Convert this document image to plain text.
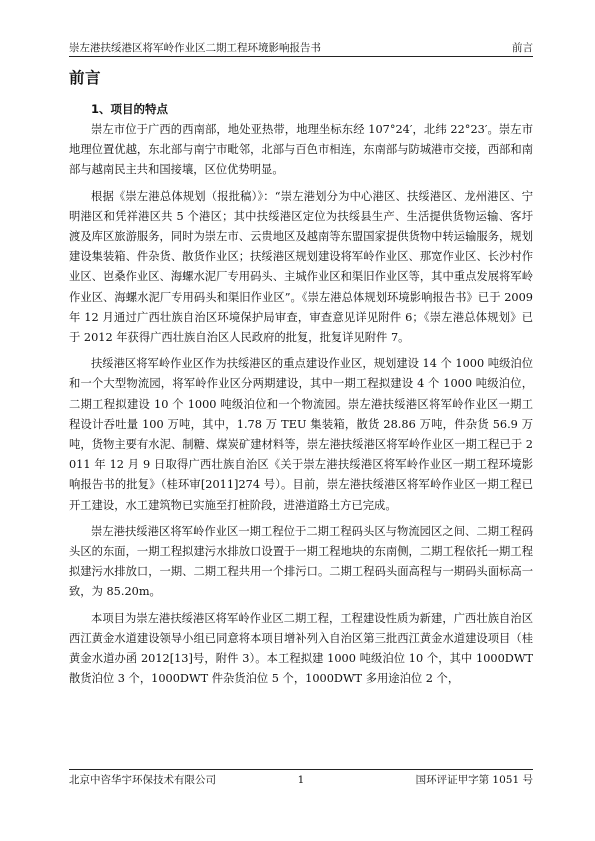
崇左港扶绥港区将军岭作业区二期工程环境影响报告书	前言
前言
1、项目的特点

崇左市位于广西的西南部，地处亚热带，地理坐标东经 107°24′，北纬 22°23′。崇左市地理位置优越，东北部与南宁市毗邻，北部与百色市相连，东南部与防城港市交接，西部和南部与越南民主共和国接壤，区位优势明显。

根据《崇左港总体规划（报批稿）》：“崇左港划分为中心港区、扶绥港区、龙州港区、宁明港区和凭祥港区共 5 个港区；其中扶绥港区定位为扶绥县生产、生活提供货物运输、客圩渡及库区旅游服务，同时为崇左市、云贵地区及越南等东盟国家提供货物中转运输服务，规划建设集装箱、件杂货、散货作业区；扶绥港区规划建设将军岭作业区、那宽作业区、长沙村作业区、岜桑作业区、海螺水泥厂专用码头、主城作业区和渠旧作业区等，其中重点发展将军岭作业区、海螺水泥厂专用码头和渠旧作业区”。《崇左港总体规划环境影响报告书》已于 2009 年 12 月通过广西壮族自治区环境保护局审查，审查意见详见附件 6；《崇左港总体规划》已于 2012 年获得广西壮族自治区人民政府的批复，批复详见附件 7。

扶绥港区将军岭作业区作为扶绥港区的重点建设作业区，规划建设 14 个 1000 吨级泊位和一个大型物流园，将军岭作业区分两期建设，其中一期工程拟建设 4 个 1000 吨级泊位，二期工程拟建设 10 个 1000 吨级泊位和一个物流园。崇左港扶绥港区将军岭作业区一期工程设计吞吐量 100 万吨，其中，1.78 万 TEU 集装箱，散货 28.86 万吨，件杂货 56.9 万吨，货物主要有水泥、制糖、煤炭矿建材料等，崇左港扶绥港区将军岭作业区一期工程已于 2011 年 12 月 9 日取得广西壮族自治区《关于崇左港扶绥港区将军岭作业区一期工程环境影响报告书的批复》（桂环审[2011]274 号）。目前，崇左港扶绥港区将军岭作业区一期工程已开工建设，水工建筑物已实施至打桩阶段，进港道路土方已完成。

崇左港扶绥港区将军岭作业区一期工程位于二期工程码头区与物流园区之间、二期工程码头区的东面，一期工程拟建污水排放口设置于一期工程地块的东南侧，二期工程依托一期工程拟建污水排放口，一期、二期工程共用一个排污口。二期工程码头面高程与一期码头面标高一致，为 85.20m。

本项目为崇左港扶绥港区将军岭作业区二期工程，工程建设性质为新建，广西壮族自治区西江黄金水道建设领导小组已同意将本项目增补列入自治区第三批西江黄金水道建设项目（桂黄金水道办函 2012[13]号，附件 3）。本工程拟建 1000 吨级泊位 10 个，其中 1000DWT 散货泊位 3 个，1000DWT 件杂货泊位 5 个，1000DWT 多用途泊位 2 个，

北京中咨华宇环保技术有限公司	1	国环评证甲字第 1051 号
